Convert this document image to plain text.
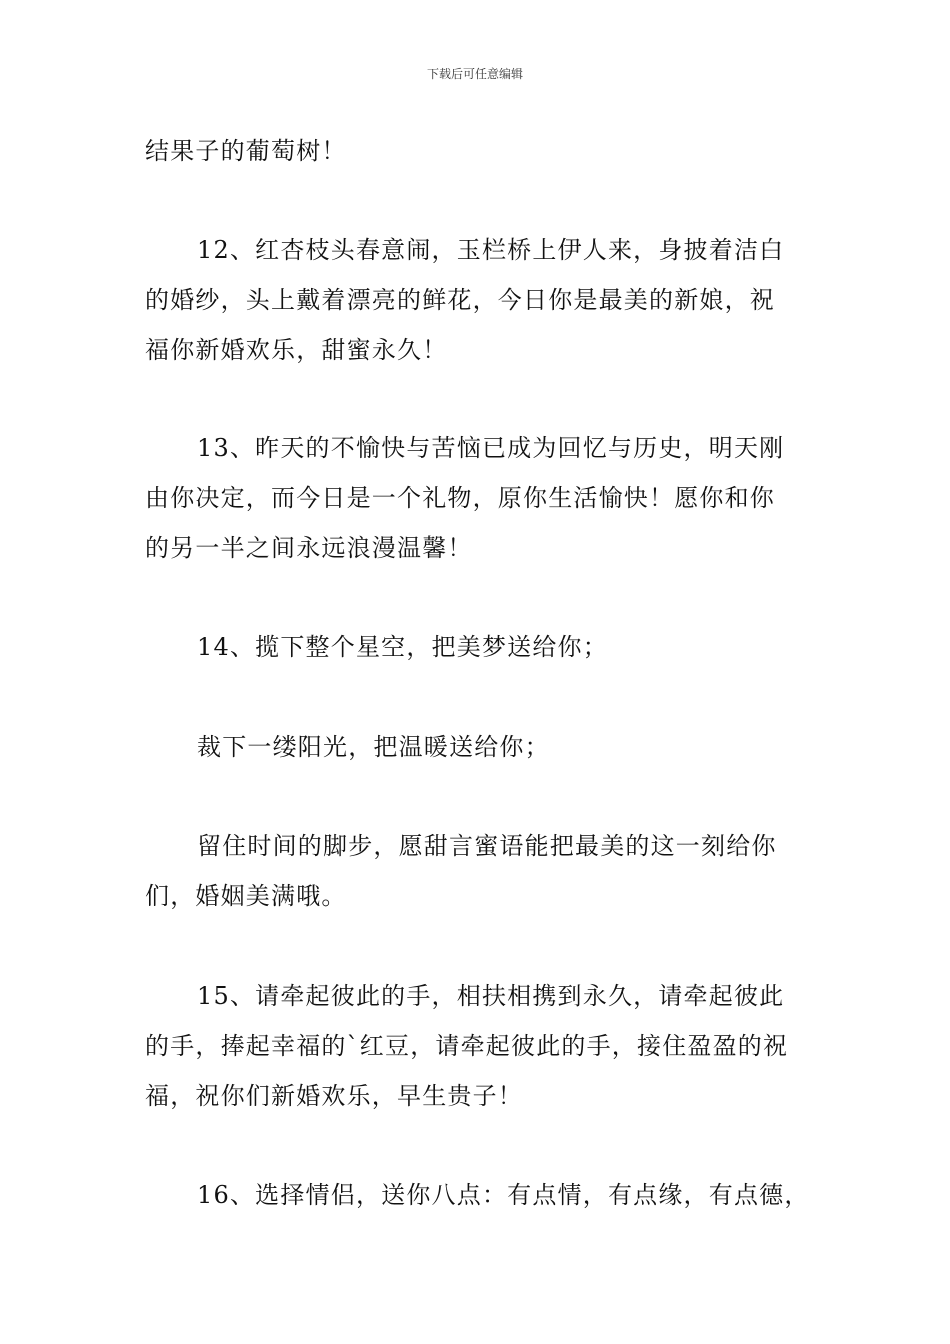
下载后可任意编辑
结果子的葡萄树！
12、红杏枝头春意闹，玉栏桥上伊人来，身披着洁白
的婚纱，头上戴着漂亮的鲜花，今日你是最美的新娘，祝
福你新婚欢乐，甜蜜永久！
13、昨天的不愉快与苦恼已成为回忆与历史，明天刚
由你决定，而今日是一个礼物，原你生活愉快！愿你和你
的另一半之间永远浪漫温馨！
14、揽下整个星空，把美梦送给你；
裁下一缕阳光，把温暖送给你；
留住时间的脚步，愿甜言蜜语能把最美的这一刻给你
们，婚姻美满哦。
15、请牵起彼此的手，相扶相携到永久，请牵起彼此
的手，捧起幸福的`红豆，请牵起彼此的手，接住盈盈的祝
福，祝你们新婚欢乐，早生贵子！
16、选择情侣，送你八点：有点情，有点缘，有点德，
